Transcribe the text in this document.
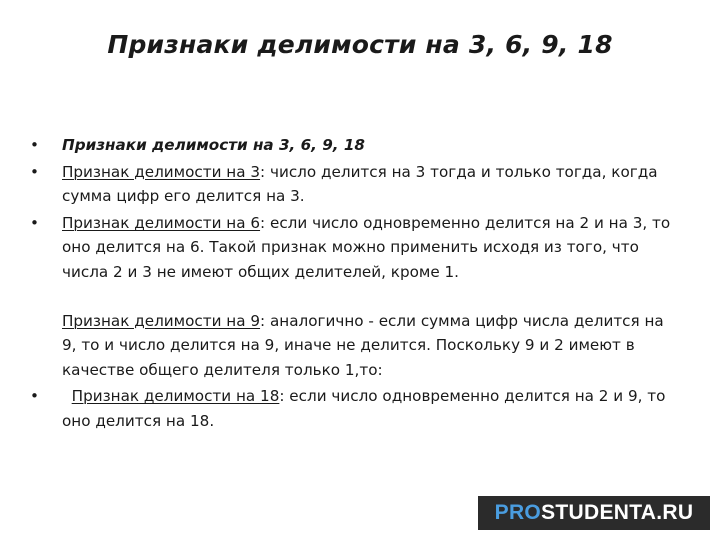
Признаки делимости на 3, 6, 9, 18
•	Признаки делимости на 3, 6, 9, 18
•	Признак делимости на 3: число делится на 3 тогда и только тогда, когда сумма цифр его делится на 3.
•	Признак делимости на 6: если число одновременно делится на 2 и на 3, то оно делится на 6. Такой признак можно применить исходя из того, что числа 2 и 3 не имеют общих делителей, кроме 1.
Признак делимости на 9: аналогично - если сумма цифр числа делится на 9, то и число делится на 9, иначе не делится. Поскольку 9 и 2 имеют в качестве общего делителя только 1,то:
•	Признак делимости на 18: если число одновременно делится на 2 и 9, то оно делится на 18.
PROSTUDENTA.RU
